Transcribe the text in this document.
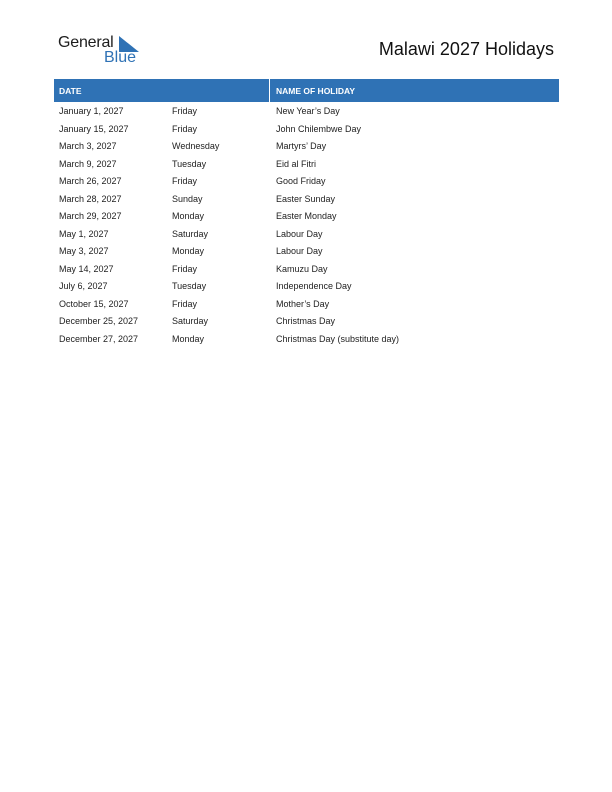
General
Blue	Malawi 2027 Holidays
DATE	NAME OF HOLIDAY
January 1, 2027	Friday	New Year’s Day
January 15, 2027	Friday	John Chilembwe Day
March 3, 2027	Wednesday	Martyrs’ Day
March 9, 2027	Tuesday	Eid al Fitri
March 26, 2027	Friday	Good Friday
March 28, 2027	Sunday	Easter Sunday
March 29, 2027	Monday	Easter Monday
May 1, 2027	Saturday	Labour Day
May 3, 2027	Monday	Labour Day
May 14, 2027	Friday	Kamuzu Day
July 6, 2027	Tuesday	Independence Day
October 15, 2027	Friday	Mother’s Day
December 25, 2027	Saturday	Christmas Day
December 27, 2027	Monday	Christmas Day (substitute day)
